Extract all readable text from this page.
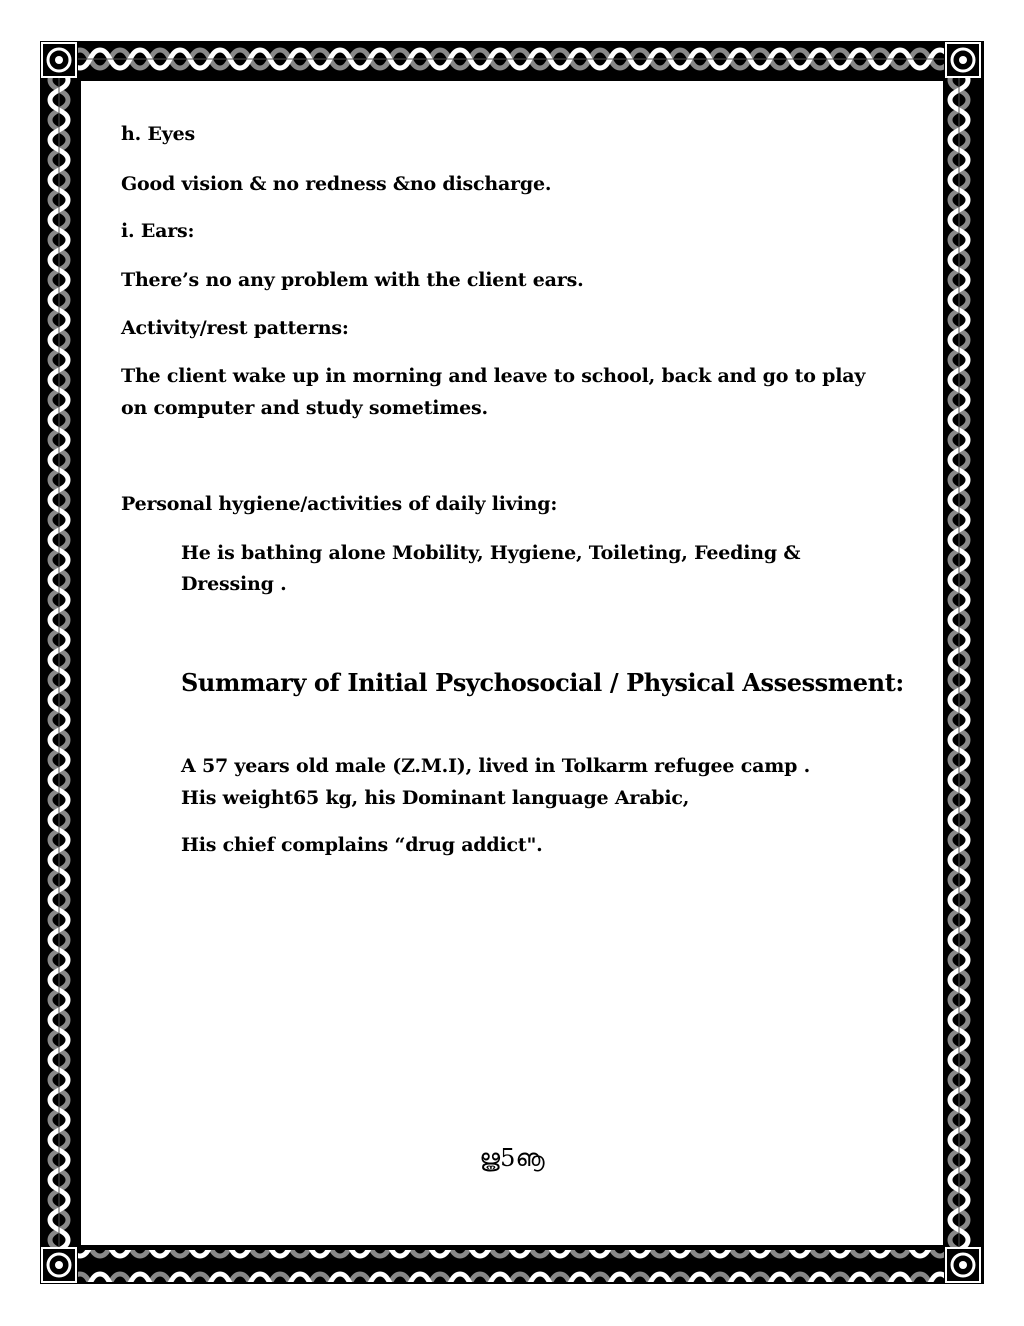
h. Eyes
Good vision & no redness &no discharge.
i. Ears:
There’s no any problem with the client ears.
Activity/rest patterns:
The client wake up in morning and leave to school, back and go to play
on computer and study sometimes.
Personal hygiene/activities of daily living:
He is bathing alone Mobility, Hygiene, Toileting, Feeding &
Dressing .
Summary of Initial Psychosocial / Physical Assessment:
A 57 years old male (Z.M.I), lived in Tolkarm refugee camp .
His weight65 kg, his Dominant language Arabic,
His chief complains “drug addict".
ൠ5ൡ
